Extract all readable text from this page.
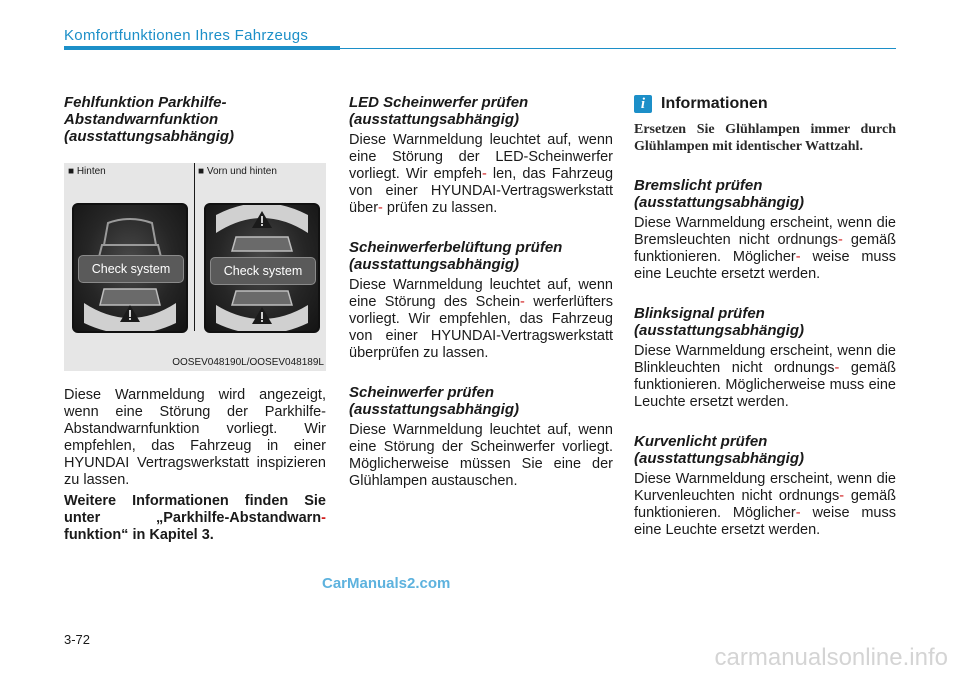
Komfortfunktionen Ihres Fahrzeugs
Fehlfunktion Parkhilfe-Abstandwarnfunktion (ausstattungsabhängig)
■ Hinten	■ Vorn und hinten
Check system	Check system
OOSEV048190L/OOSEV048189L

Diese Warnmeldung wird angezeigt, wenn eine Störung der Parkhilfe-Abstandwarnfunktion vorliegt. Wir empfehlen, das Fahrzeug in einer HYUNDAI Vertragswerkstatt inspizieren zu lassen.

Weitere Informationen finden Sie unter „Parkhilfe-Abstandwarn- funktion“ in Kapitel 3.

LED Scheinwerfer prüfen (ausstattungsabhängig)

Diese Warnmeldung leuchtet auf, wenn eine Störung der LED-Scheinwerfer vorliegt. Wir empfeh- len, das Fahrzeug von einer HYUNDAI-Vertragswerkstatt über- prüfen zu lassen.

Scheinwerferbelüftung prüfen (ausstattungsabhängig)

Diese Warnmeldung leuchtet auf, wenn eine Störung des Schein- werferlüfters vorliegt. Wir empfehlen, das Fahrzeug von einer HYUNDAI-Vertragswerkstatt überprüfen zu lassen.

Scheinwerfer prüfen (ausstattungsabhängig)

Diese Warnmeldung leuchtet auf, wenn eine Störung der Scheinwerfer vorliegt. Möglicherweise müssen Sie eine der Glühlampen austauschen.

i Informationen
Ersetzen Sie Glühlampen immer durch Glühlampen mit identischer Wattzahl.
Bremslicht prüfen (ausstattungsabhängig)

Diese Warnmeldung erscheint, wenn die Bremsleuchten nicht ordnungs- gemäß funktionieren. Möglicher- weise muss eine Leuchte ersetzt werden.

Blinksignal prüfen (ausstattungsabhängig)

Diese Warnmeldung erscheint, wenn die Blinkleuchten nicht ordnungs- gemäß funktionieren. Möglicherweise muss eine Leuchte ersetzt werden.

Kurvenlicht prüfen (ausstattungsabhängig)

Diese Warnmeldung erscheint, wenn die Kurvenleuchten nicht ordnungs- gemäß funktionieren. Möglicher- weise muss eine Leuchte ersetzt werden.

CarManuals2.com
3-72
carmanualsonline.info
